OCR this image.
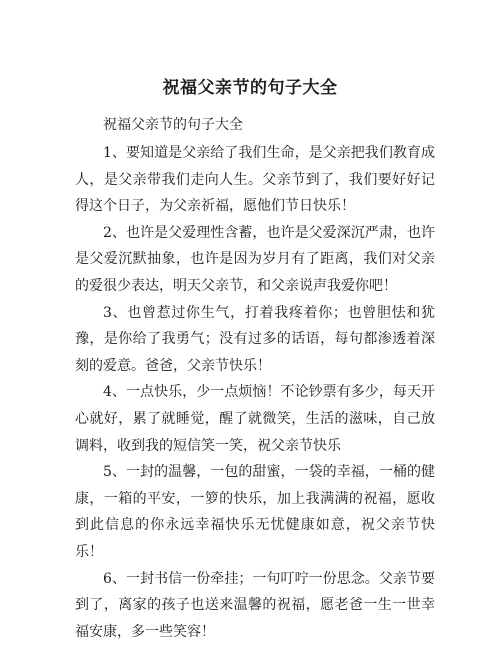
祝福父亲节的句子大全
祝福父亲节的句子大全

1、要知道是父亲给了我们生命，是父亲把我们教育成人，是父亲带我们走向人生。父亲节到了，我们要好好记得这个日子，为父亲祈福，愿他们节日快乐！

2、也许是父爱理性含蓄，也许是父爱深沉严肃，也许是父爱沉默抽象，也许是因为岁月有了距离，我们对父亲的爱很少表达，明天父亲节，和父亲说声我爱你吧！

3、也曾惹过你生气，打着我疼着你；也曾胆怯和犹豫，是你给了我勇气；没有过多的话语，每句都渗透着深刻的爱意。爸爸，父亲节快乐！

4、一点快乐，少一点烦恼！不论钞票有多少，每天开心就好，累了就睡觉，醒了就微笑，生活的滋味，自己放调料，收到我的短信笑一笑，祝父亲节快乐

5、一封的温馨，一包的甜蜜，一袋的幸福，一桶的健康，一箱的平安，一箩的快乐，加上我满满的祝福，愿收到此信息的你永远幸福快乐无忧健康如意，祝父亲节快乐！

6、一封书信一份牵挂；一句叮咛一份思念。父亲节要到了，离家的孩子也送来温馨的祝福，愿老爸一生一世幸福安康，多一些笑容！
